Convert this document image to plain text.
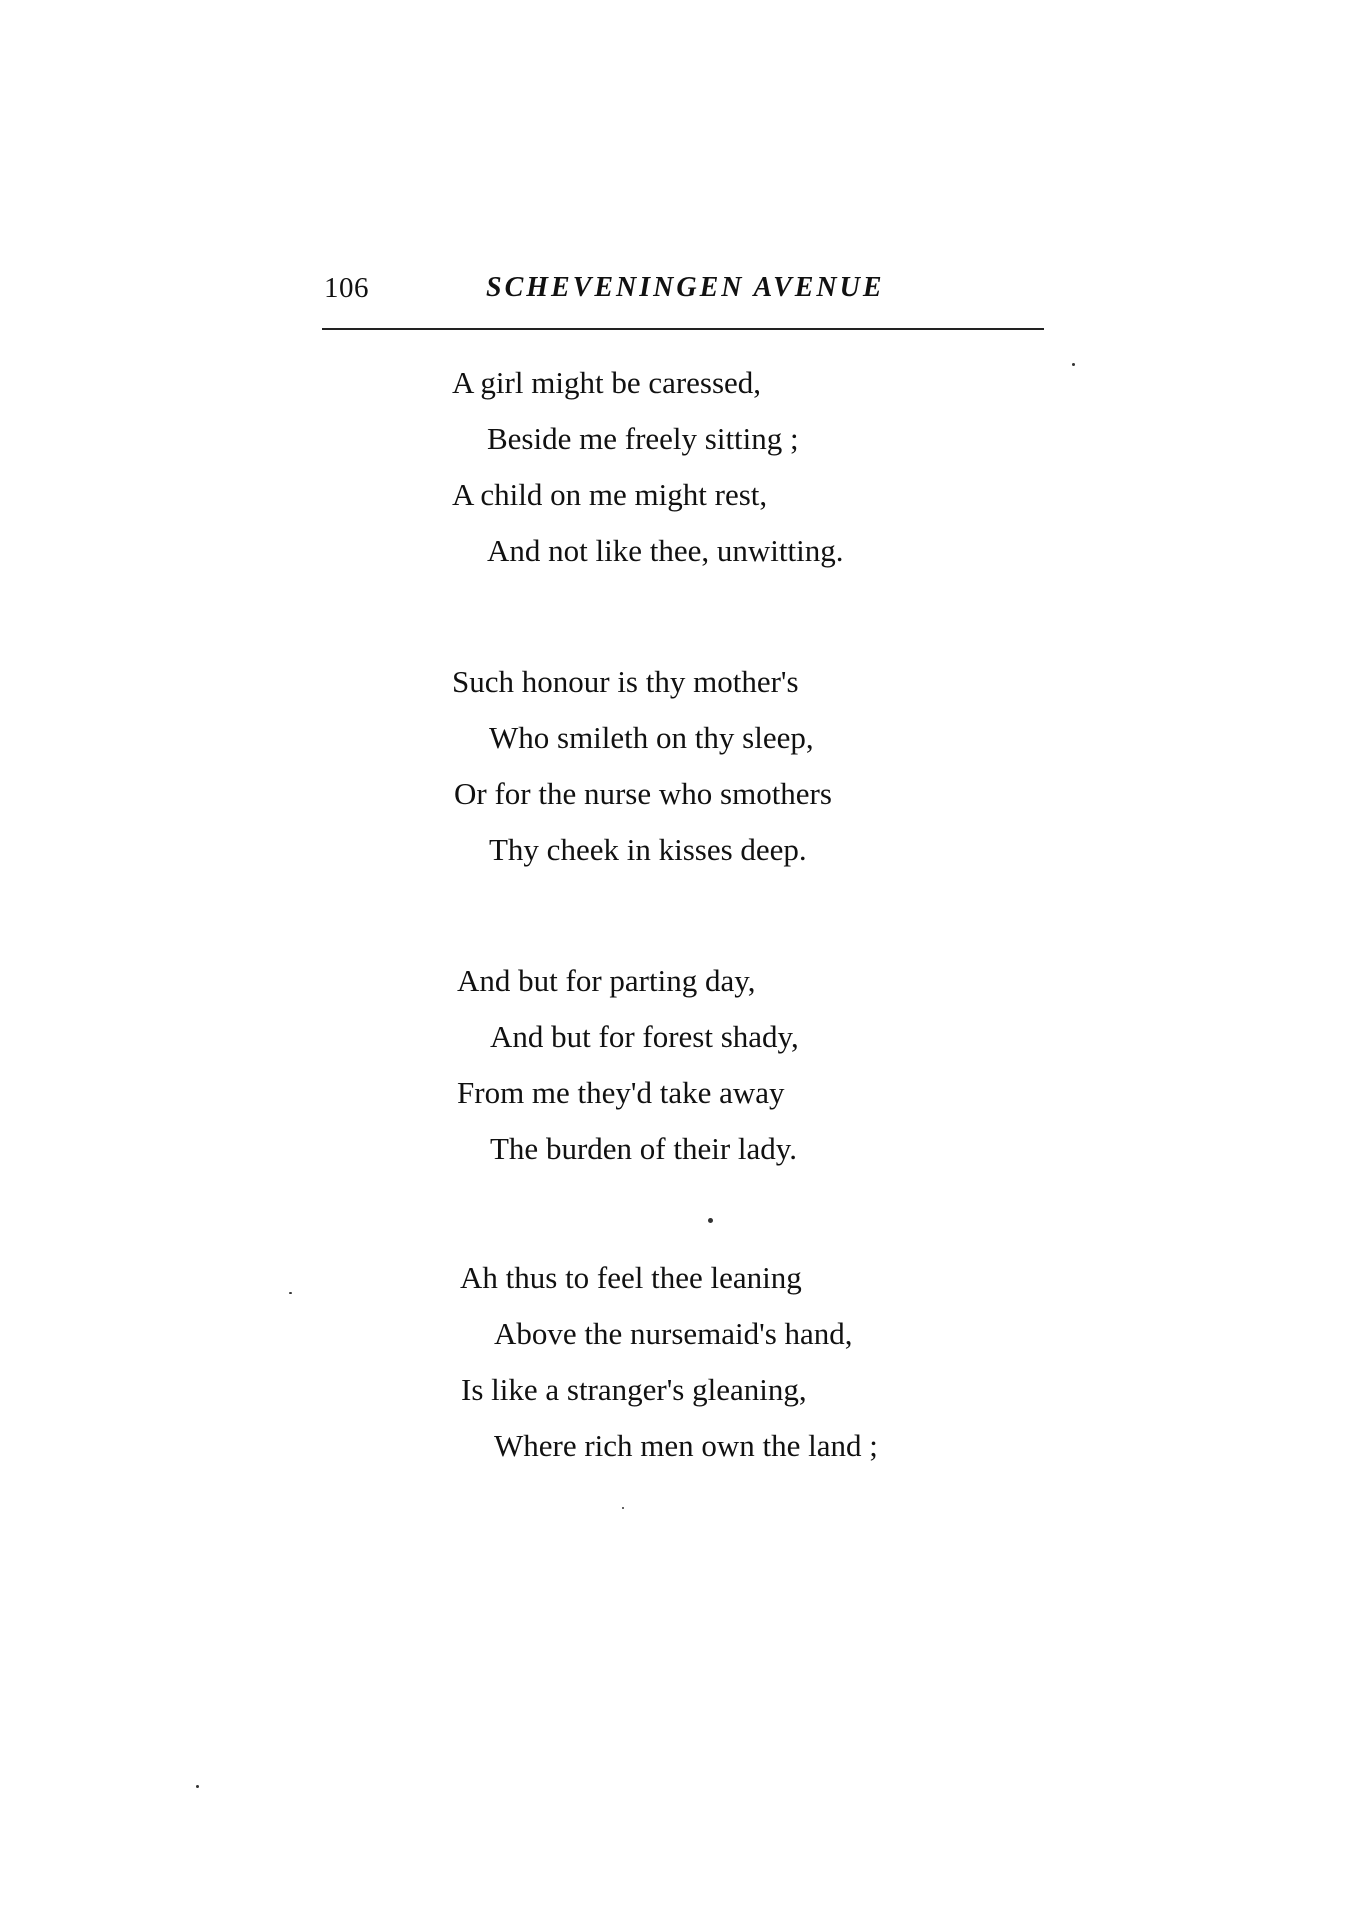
106	SCHEVENINGEN AVENUE
A girl might be caressed,
Beside me freely sitting ;
A child on me might rest,
And not like thee, unwitting.
Such honour is thy mother's
Who smileth on thy sleep,
Or for the nurse who smothers
Thy cheek in kisses deep.
And but for parting day,
And but for forest shady,
From me they'd take away
The burden of their lady.
Ah thus to feel thee leaning
Above the nursemaid's hand,
Is like a stranger's gleaning,
Where rich men own the land ;
